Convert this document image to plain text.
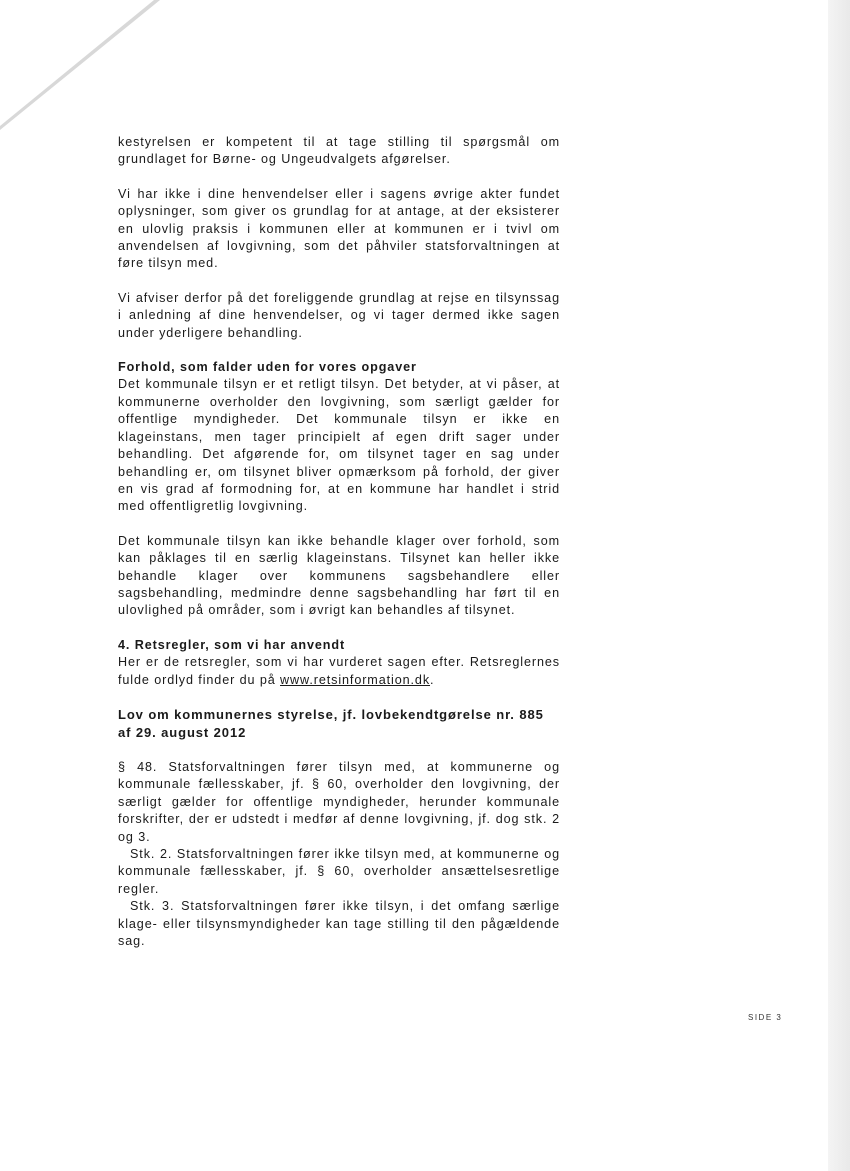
kestyrelsen er kompetent til at tage stilling til spørgsmål om grundlaget for Børne- og Ungeudvalgets afgørelser.

Vi har ikke i dine henvendelser eller i sagens øvrige akter fundet oplysninger, som giver os grundlag for at antage, at der eksisterer en ulovlig praksis i kommunen eller at kommunen er i tvivl om anvendelsen af lovgivning, som det påhviler statsforvaltningen at føre tilsyn med.

Vi afviser derfor på det foreliggende grundlag at rejse en tilsynssag i anledning af dine henvendelser, og vi tager dermed ikke sagen under yderligere behandling.

Forhold, som falder uden for vores opgaver

Det kommunale tilsyn er et retligt tilsyn. Det betyder, at vi påser, at kommunerne overholder den lovgivning, som særligt gælder for offentlige myndigheder. Det kommunale tilsyn er ikke en klageinstans, men tager principielt af egen drift sager under behandling. Det afgørende for, om tilsynet tager en sag under behandling er, om tilsynet bliver opmærksom på forhold, der giver en vis grad af formodning for, at en kommune har handlet i strid med offentligretlig lovgivning.

Det kommunale tilsyn kan ikke behandle klager over forhold, som kan påklages til en særlig klageinstans. Tilsynet kan heller ikke behandle klager over kommunens sagsbehandlere eller sagsbehandling, medmindre denne sagsbehandling har ført til en ulovlighed på områder, som i øvrigt kan behandles af tilsynet.

4. Retsregler, som vi har anvendt

Her er de retsregler, som vi har vurderet sagen efter. Retsreglernes fulde ordlyd finder du på www.retsinformation.dk.

Lov om kommunernes styrelse, jf. lovbekendtgørelse nr. 885 af 29. august 2012

§ 48. Statsforvaltningen fører tilsyn med, at kommunerne og kommunale fællesskaber, jf. § 60, overholder den lovgivning, der særligt gælder for offentlige myndigheder, herunder kommunale forskrifter, der er udstedt i medfør af denne lovgivning, jf. dog stk. 2 og 3.

Stk. 2. Statsforvaltningen fører ikke tilsyn med, at kommunerne og kommunale fællesskaber, jf. § 60, overholder ansættelsesretlige regler.

Stk. 3. Statsforvaltningen fører ikke tilsyn, i det omfang særlige klage- eller tilsynsmyndigheder kan tage stilling til den pågældende sag.

SIDE 3
